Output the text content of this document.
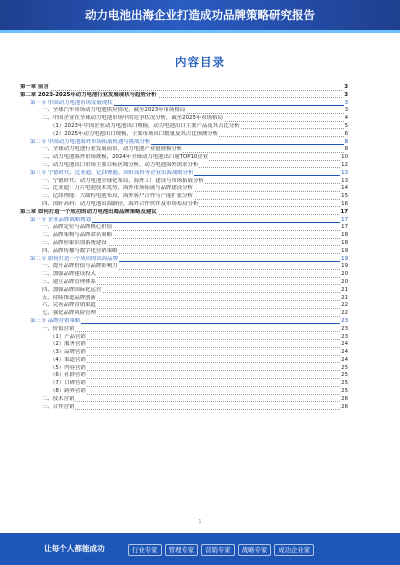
动力电池出海企业打造成功品牌策略研究报告
内容目录
第一章 前言	3
第二章 2023-2025年动力电池行业发展现状与趋势分析	3
第一节 中国动力电池市场发展现状	3
一、全球汽车市场动力电池供应情况，截至2023年市场格局	3
二、中国企业在全球动力电池市场中的竞争状况分析，截至2025年市场格局	4
（1）2023年中国企业动力电池出口规模，动力电池出口主要产品及其占比分析	5
（2）2025年动力电池出口规模，主要市场出口数量及其占比预测分析	6
第二节 中国动力电池海外市场拓展机遇与挑战分析	8
一、全球动力电池行业发展前景，动力电池产业链规模分析	8
二、动力电池海外市场规模，2024年全球动力电池出口量TOP10企业	10
三、动力电池出口市场主要目标区域分析，动力电池海外需求分析	12
第三节 宁德时代、比亚迪、亿纬锂能、国轩高科等企业出海战略分析	13
一、宁德时代：动力电池全球化布局，海外工厂建设与市场拓展分析	13
二、比亚迪：刀片电池技术优势，海外市场拓展与品牌建设分析	14
三、亿纬锂能：大圆柱电池布局，海外客户合作与产能扩张分析	15
四、国轩高科：动力电池出海路径，海外合作伙伴及市场布局分析	16
第三章 如何打造一个成功的动力电池出海品牌策略及建议	17
第一节 企业品牌战略规划	17
一、品牌定位与品牌核心价值	17
二、品牌架构与品牌命名策略	18
三、品牌形象识别系统建设	18
四、品牌传播与数字化营销策略	19
第二节 如何打造一个成功的出海品牌	19
一、提升品牌价值与品牌影响力	19
二、加强品牌建设投入	20
三、建立品牌管理体系	20
四、加强品牌国际化运营	21
五、持续推进品牌创新	21
六、完善品牌营销渠道	22
七、强化品牌风险管理	22
第三节 品牌营销策略	23
一、价值营销	23
（1）产品营销	23
（2）服务营销	24
（3）品牌营销	24
（4）渠道营销	24
（5）内容营销	25
（6）社群营销	25
（7）口碑营销	25
（8）跨界营销	25
二、技术营销	26
三、合作营销	26
1
让每个人都能成功	行业专家	管理专家	营销专家	战略专家	成功企业家
